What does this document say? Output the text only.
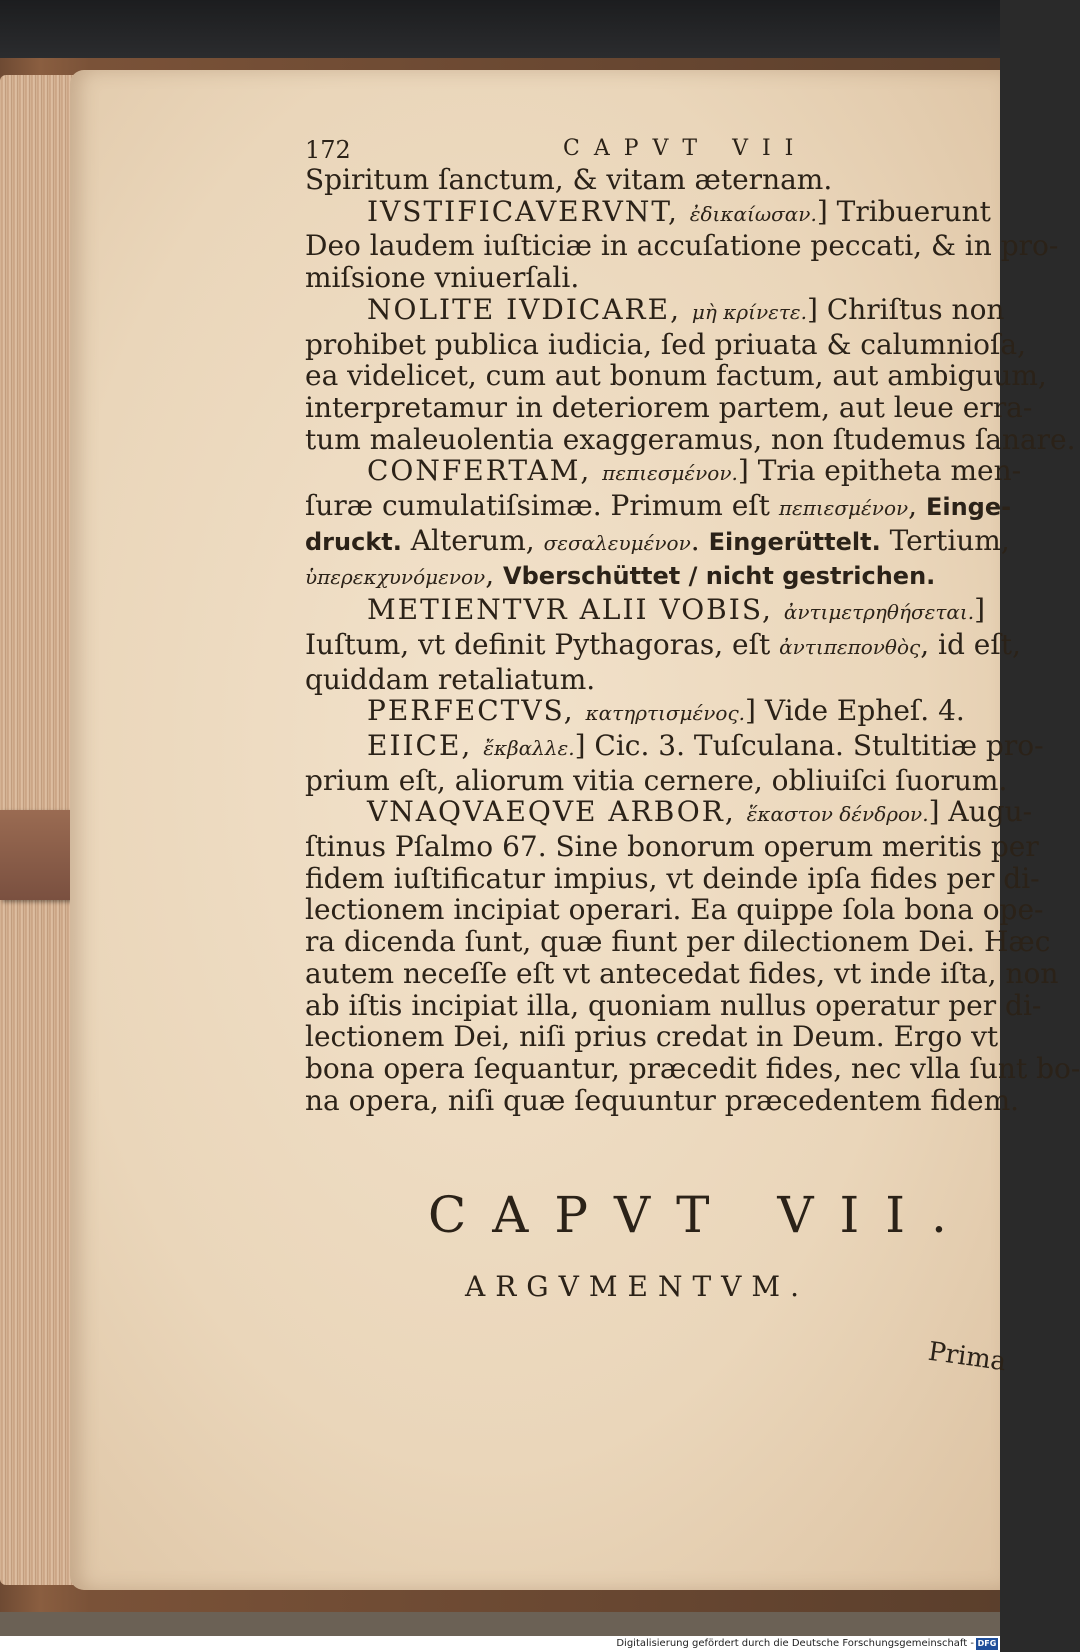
172	CAPVT VII
Spiritum ſanctum, & vitam æternam.
IVSTIFICAVERVNT, ἐδικαίωσαν.] Tribuerunt
Deo laudem iuſticiæ in accuſatione peccati, & in pro-
miſsione vniuerſali.
NOLITE IVDICARE, μὴ κρίνετε.] Chriſtus non
prohibet publica iudicia, ſed priuata & calumnioſa,
ea videlicet, cum aut bonum factum, aut ambiguum,
interpretamur in deteriorem partem, aut leue erra-
tum maleuolentia exaggeramus, non ſtudemus ſanare.
CONFERTAM, πεπιεσμένον.] Tria epitheta men-
ſuræ cumulatiſsimæ. Primum eſt πεπιεσμένον, Einge-
druckt. Alterum, σεσαλευμένον. Eingerüttelt. Tertium,
ὑπερεκχυνόμενον, Vberschüttet / nicht gestrichen.
METIENTVR ALII VOBIS, ἀντιμετρηθήσεται.]
Iuſtum, vt definit Pythagoras, eſt ἀντιπεπονθὸς, id eſt,
quiddam retaliatum.
PERFECTVS, κατηρτισμένος.] Vide Epheſ. 4.
EIICE, ἔκβαλλε.] Cic. 3. Tuſculana. Stultitiæ pro-
prium eſt, aliorum vitia cernere, obliuiſci ſuorum.
VNAQVAEQVE ARBOR, ἕκαστον δένδρον.] Augu-
ſtinus Pſalmo 67. Sine bonorum operum meritis per
fidem iuſtificatur impius, vt deinde ipſa fides per di-
lectionem incipiat operari. Ea quippe ſola bona ope-
ra dicenda ſunt, quæ fiunt per dilectionem Dei. Hæc
autem neceſſe eſt vt antecedat fides, vt inde iſta, non
ab iſtis incipiat illa, quoniam nullus operatur per di-
lectionem Dei, niſi prius credat in Deum. Ergo vt
bona opera ſequantur, præcedit fides, nec vlla ſunt bo-
na opera, niſi quæ ſequuntur præcedentem fidem.
CAPVT VII.
ARGVMENTVM.
Prima
Digitalisierung gefördert durch die Deutsche Forschungsgemeinschaft - DFG
